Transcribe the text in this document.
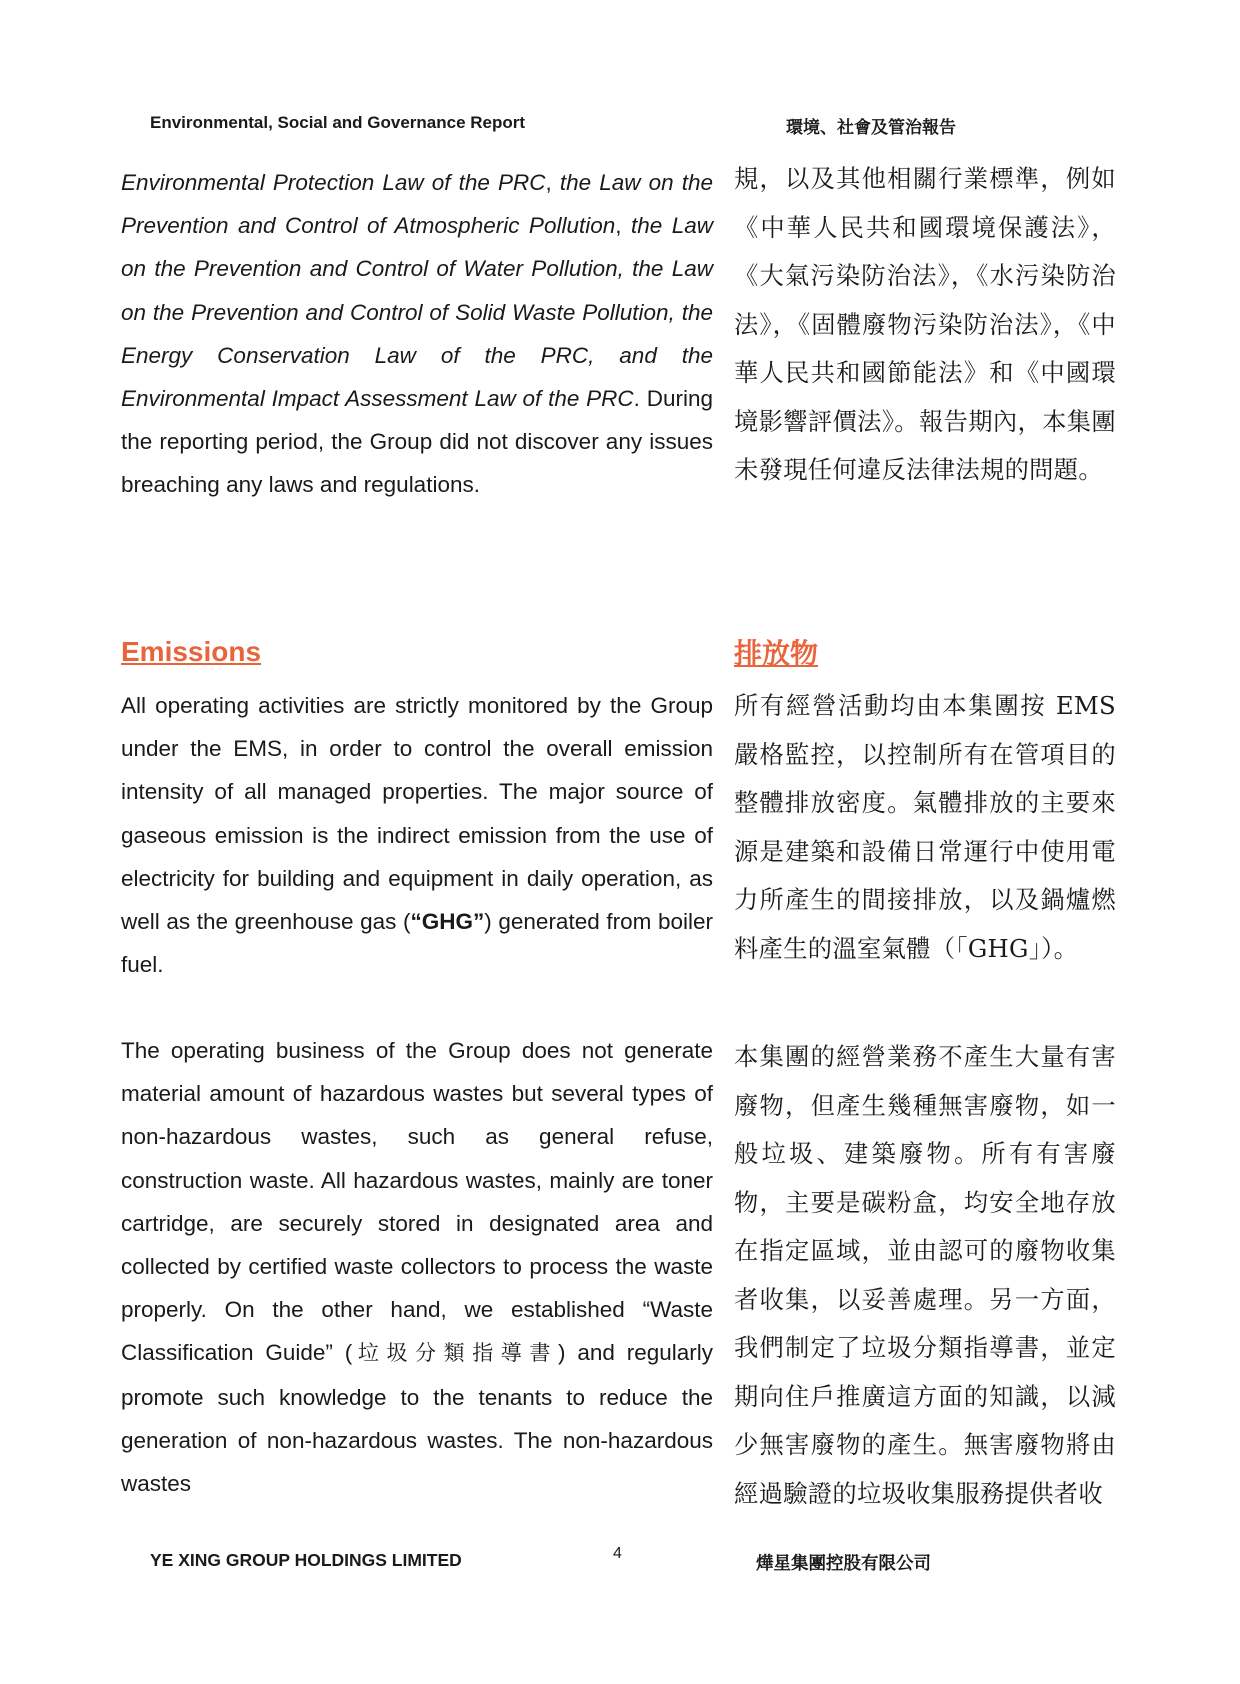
Environmental, Social and Governance Report	環境、社會及管治報告

Environmental Protection Law of the PRC, the Law on the Prevention and Control of Atmospheric Pollution, the Law on the Prevention and Control of Water Pollution, the Law on the Prevention and Control of Solid Waste Pollution, the Energy Conservation Law of the PRC, and the Environmental Impact Assessment Law of the PRC. During the reporting period, the Group did not discover any issues breaching any laws and regulations.

規，以及其他相關行業標準，例如《中華人民共和國環境保護法》，《大氣污染防治法》，《水污染防治法》，《固體廢物污染防治法》，《中華人民共和國節能法》和《中國環境影響評價法》。報告期內，本集團未發現任何違反法律法規的問題。

Emissions	排放物

All operating activities are strictly monitored by the Group under the EMS, in order to control the overall emission intensity of all managed properties. The major source of gaseous emission is the indirect emission from the use of electricity for building and equipment in daily operation, as well as the greenhouse gas (“GHG”) generated from boiler fuel.

所有經營活動均由本集團按 EMS 嚴格監控，以控制所有在管項目的整體排放密度。氣體排放的主要來源是建築和設備日常運行中使用電力所產生的間接排放，以及鍋爐燃料產生的溫室氣體（「GHG」）。

The operating business of the Group does not generate material amount of hazardous wastes but several types of non-hazardous wastes, such as general refuse, construction waste. All hazardous wastes, mainly are toner cartridge, are securely stored in designated area and collected by certified waste collectors to process the waste properly. On the other hand, we established “Waste Classification Guide” (垃圾分類指導書) and regularly promote such knowledge to the tenants to reduce the generation of non-hazardous wastes. The non-hazardous wastes

本集團的經營業務不產生大量有害廢物，但產生幾種無害廢物，如一般垃圾、建築廢物。所有有害廢物，主要是碳粉盒，均安全地存放在指定區域，並由認可的廢物收集者收集，以妥善處理。另一方面，我們制定了垃圾分類指導書，並定期向住戶推廣這方面的知識，以減少無害廢物的產生。無害廢物將由經過驗證的垃圾收集服務提供者收

YE XING GROUP HOLDINGS LIMITED	4
燁星集團控股有限公司
